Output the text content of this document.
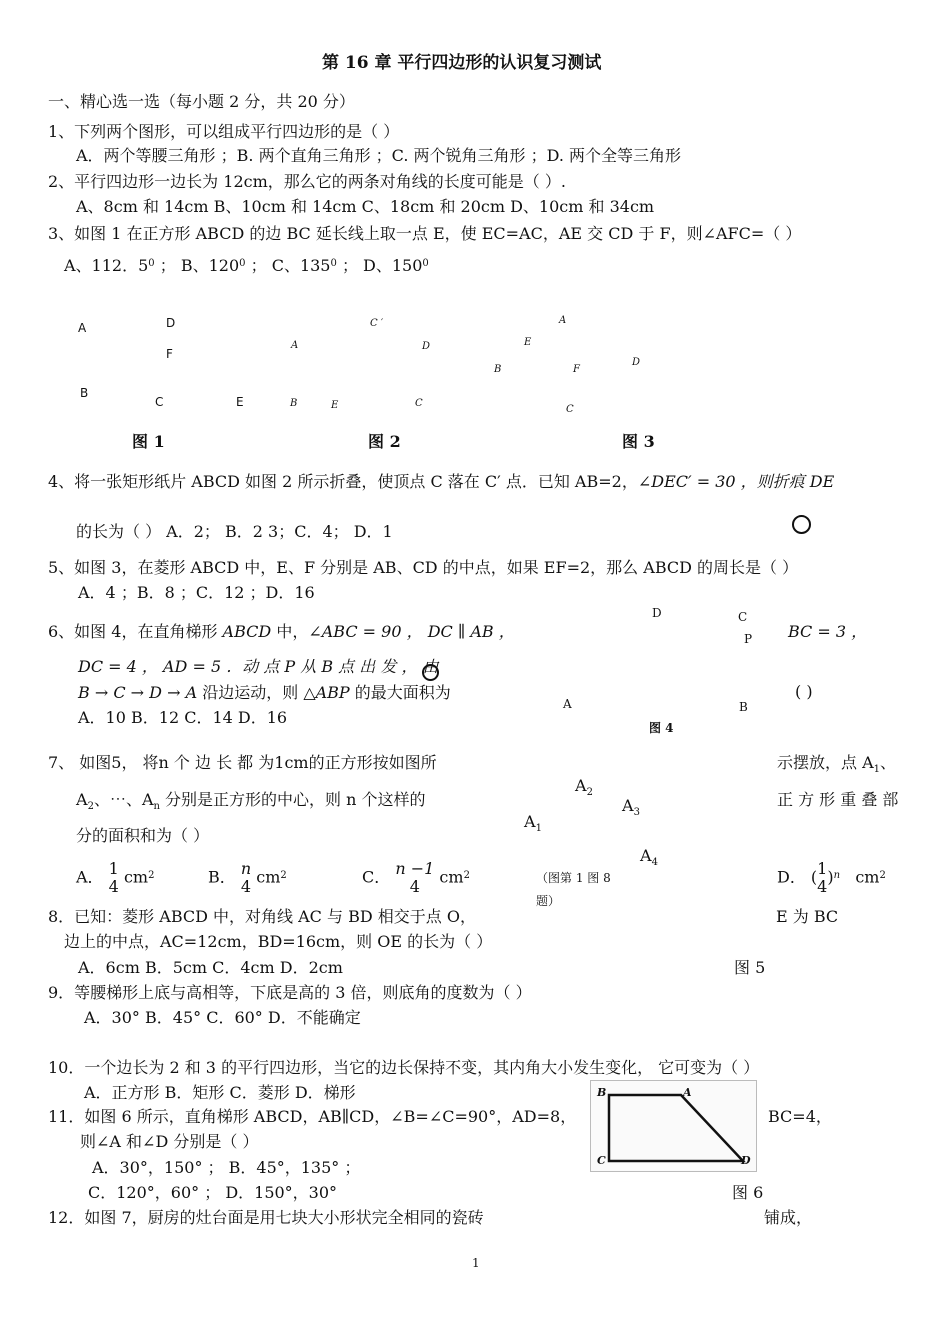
第 16 章 平行四边形的认识复习测试
一、精心选一选（每小题 2 分，共 20 分）
1、下列两个图形，可以组成平行四边形的是（ ）
A．两个等腰三角形 ；B. 两个直角三角形 ；C. 两个锐角三角形 ；D. 两个全等三角形
2、平行四边形一边长为 12cm，那么它的两条对角线的长度可能是（ ）.
A、8cm 和 14cm B、10cm 和 14cm C、18cm 和 20cm D、10cm 和 34cm
3、如图 1 在正方形 ABCD 的边 BC 延长线上取一点 E，使 EC=AC，AE 交 CD 于 F，则∠AFC=（ ）
A、112．$5^0$ ； B、$120^0$ ； C、$135^0$ ； D、$150^0$
A	D
F
B
C	E
图 1
C ′
A	D
B	E	C
图 2
A
E
D
B	F
C
图 3
4、将一张矩形纸片 ABCD 如图 2 所示折叠，使顶点 C 落在 C′ 点．已知 AB=2，∠DEC′ = 30 ，则折痕 DE
的长为（ ） A．2； B．2 3；C．4； D．1
5、如图 3，在菱形 ABCD 中，E、F 分别是 AB、CD 的中点，如果 EF=2，那么 ABCD 的周长是（ ）
A．4 ；B．8 ；C．12 ；D．16
6、如图 4，在直角梯形 ABCD 中，∠ABC = 90 ， DC ∥ AB ，	BC = 3 ，
DC = 4 ， AD = 5 ．动 点 P 从 B 点 出 发 ， 由
B → C → D → A 沿边运动，则 △ABP 的最大面积为	( )
A．10 B．12 C．14 D．16
D	C
P
A	B
图 4
7、 如图5， 将n 个 边 长 都 为1cm的正方形按如图所	示摆放，点 $A_1$、
$A_2$、⋯、$A_n$ 分别是正方形的中心，则 n 个这样的	正 方 形 重 叠 部
分的面积和为（ ）
A． 1
4 $cm^2$	B． n
4 $cm^2$	C． n −1
4	$cm^2$	D． ( 1
4 )$^n$ $cm^2$
$A_2$
$A_3$
$A_1$
$A_4$
（图第 1 图 8
题）
8．已知：菱形 ABCD 中，对角线 AC 与 BD 相交于点 O，	E 为 BC
边上的中点，AC=12cm，BD=16cm，则 OE 的长为（ ）
A．6cm B．5cm C．4cm D．2cm	图 5
9．等腰梯形上底与高相等，下底是高的 3 倍，则底角的度数为（ ）
A．30° B．45° C．60° D．不能确定
10．一个边长为 2 和 3 的平行四边形，当它的边长保持不变，其内角大小发生变化， 它可变为（ ）
A．正方形 B．矩形 C．菱形 D．梯形
11．如图 6 所示，直角梯形 ABCD，AB∥CD，∠B=∠C=90°，AD=8，	BC=4，
则∠A 和∠D 分别是（ ）
A．30°，150° ； B．45°，135° ；
C．120°，60° ； D．150°，30°
B	A
C	D
图 6
12．如图 7，厨房的灶台面是用七块大小形状完全相同的瓷砖	铺成，
1
